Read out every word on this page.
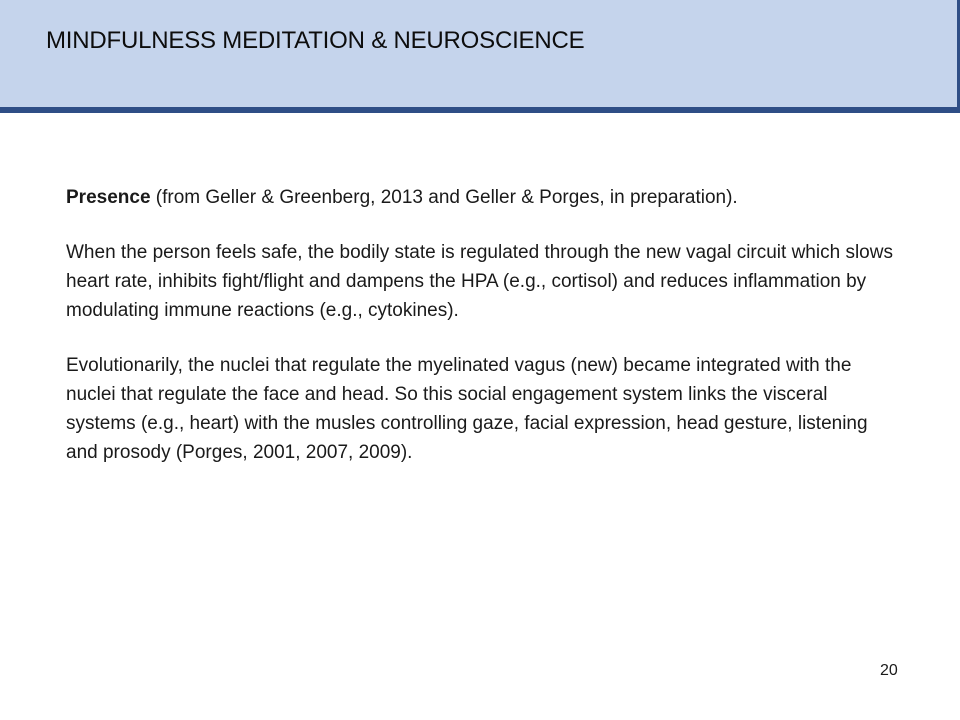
MINDFULNESS MEDITATION & NEUROSCIENCE

Presence (from Geller & Greenberg, 2013 and Geller & Porges, in preparation).

When the person feels safe, the bodily state is regulated through the new vagal circuit which slows heart rate, inhibits fight/flight and dampens the HPA (e.g., cortisol) and reduces inflammation by modulating immune reactions (e.g., cytokines).

Evolutionarily, the nuclei that regulate the myelinated vagus (new) became integrated with the nuclei that regulate the face and head. So this social engagement system links the visceral systems (e.g., heart) with the musles controlling gaze, facial expression, head gesture, listening and prosody (Porges, 2001, 2007, 2009).

20
